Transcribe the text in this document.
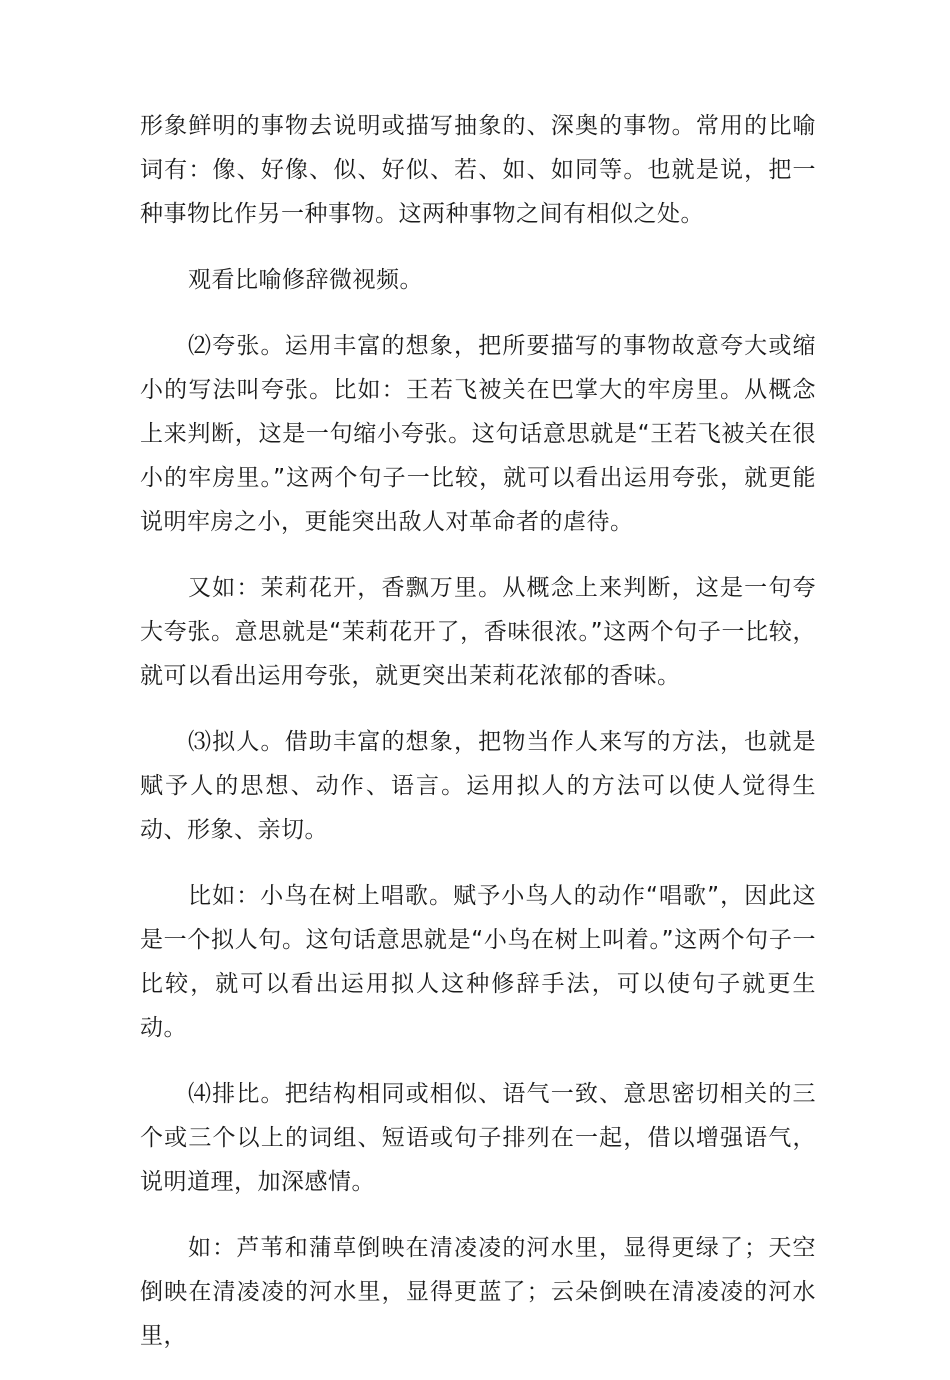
形象鲜明的事物去说明或描写抽象的、深奥的事物。常用的比喻词有：像、好像、似、好似、若、如、如同等。也就是说，把一种事物比作另一种事物。这两种事物之间有相似之处。

观看比喻修辞微视频。

⑵夸张。运用丰富的想象，把所要描写的事物故意夸大或缩小的写法叫夸张。比如：王若飞被关在巴掌大的牢房里。从概念上来判断，这是一句缩小夸张。这句话意思就是“王若飞被关在很小的牢房里。”这两个句子一比较，就可以看出运用夸张，就更能说明牢房之小，更能突出敌人对革命者的虐待。

又如：茉莉花开，香飘万里。从概念上来判断，这是一句夸大夸张。意思就是“茉莉花开了，香味很浓。”这两个句子一比较，就可以看出运用夸张，就更突出茉莉花浓郁的香味。

⑶拟人。借助丰富的想象，把物当作人来写的方法，也就是赋予人的思想、动作、语言。运用拟人的方法可以使人觉得生动、形象、亲切。

比如：小鸟在树上唱歌。赋予小鸟人的动作“唱歌”，因此这是一个拟人句。这句话意思就是“小鸟在树上叫着。”这两个句子一比较，就可以看出运用拟人这种修辞手法，可以使句子就更生动。

⑷排比。把结构相同或相似、语气一致、意思密切相关的三个或三个以上的词组、短语或句子排列在一起，借以增强语气，说明道理，加深感情。

如：芦苇和蒲草倒映在清凌凌的河水里，显得更绿了；天空倒映在清凌凌的河水里，显得更蓝了；云朵倒映在清凌凌的河水里，
